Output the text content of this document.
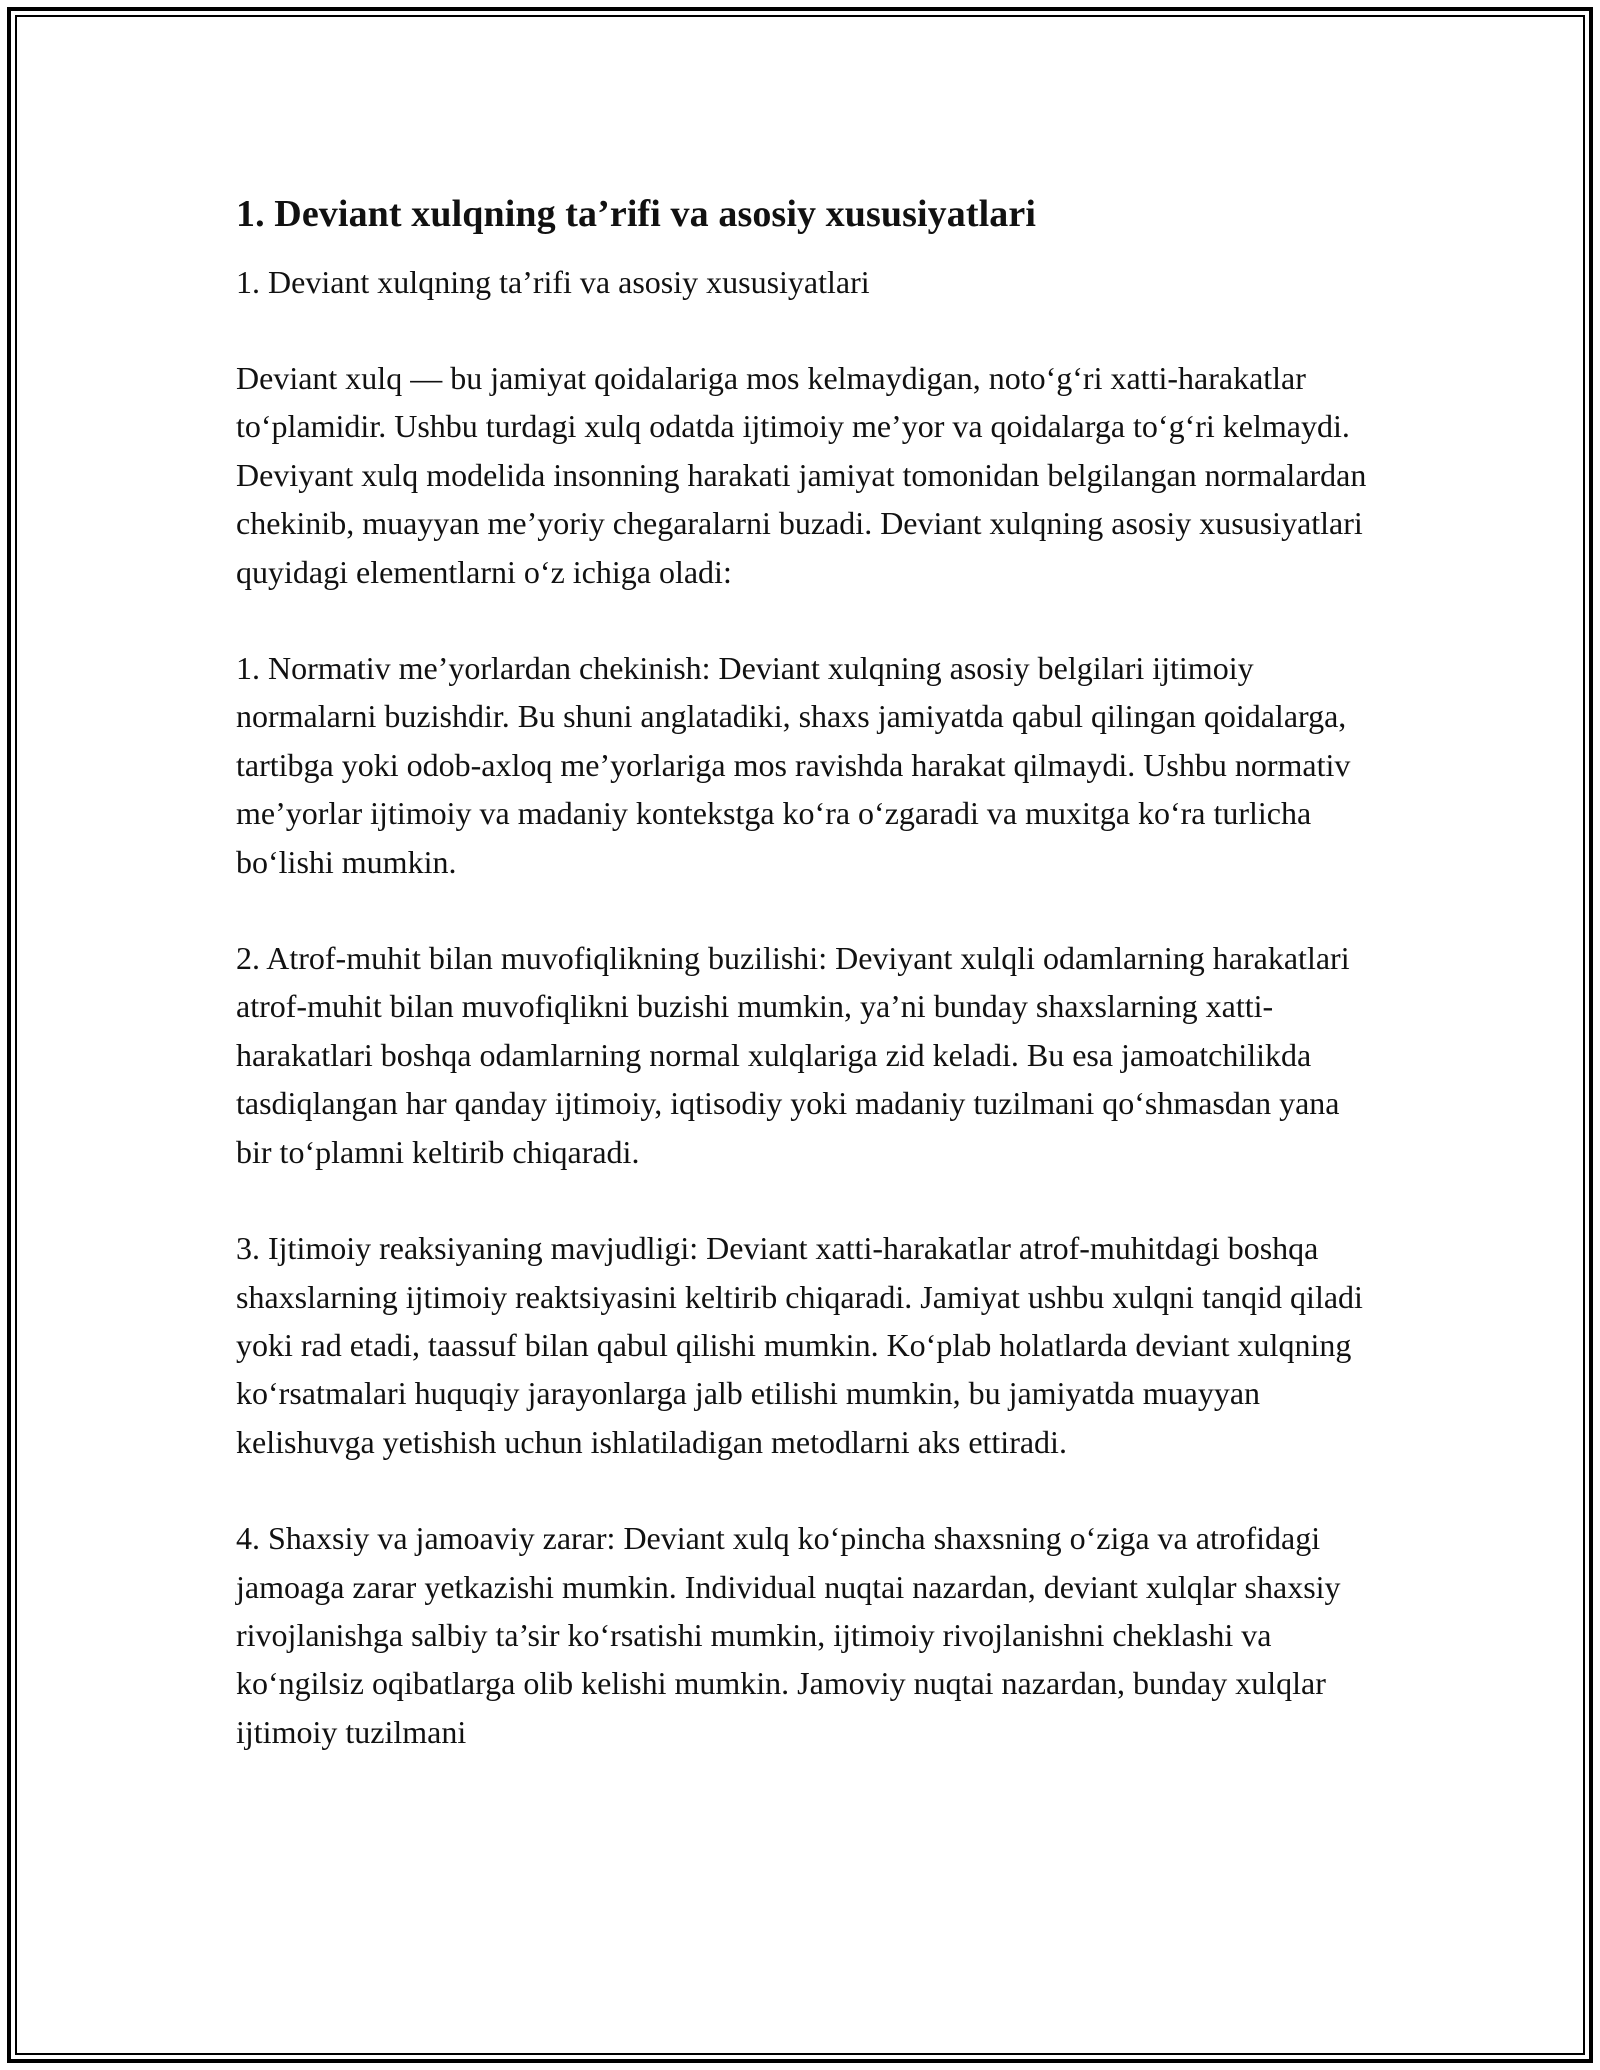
1. Deviant xulqning ta’rifi va asosiy xususiyatlari

1. Deviant xulqning ta’rifi va asosiy xususiyatlari

Deviant xulq — bu jamiyat qoidalariga mos kelmaydigan, noto‘g‘ri xatti-harakatlar to‘plamidir. Ushbu turdagi xulq odatda ijtimoiy me’yor va qoidalarga to‘g‘ri kelmaydi. Deviyant xulq modelida insonning harakati jamiyat tomonidan belgilangan normalardan chekinib, muayyan me’yoriy chegaralarni buzadi. Deviant xulqning asosiy xususiyatlari quyidagi elementlarni o‘z ichiga oladi:

1. Normativ me’yorlardan chekinish: Deviant xulqning asosiy belgilari ijtimoiy normalarni buzishdir. Bu shuni anglatadiki, shaxs jamiyatda qabul qilingan qoidalarga, tartibga yoki odob-axloq me’yorlariga mos ravishda harakat qilmaydi. Ushbu normativ me’yorlar ijtimoiy va madaniy kontekstga ko‘ra o‘zgaradi va muxitga ko‘ra turlicha bo‘lishi mumkin.

2. Atrof-muhit bilan muvofiqlikning buzilishi: Deviyant xulqli odamlarning harakatlari atrof-muhit bilan muvofiqlikni buzishi mumkin, ya’ni bunday shaxslarning xatti-harakatlari boshqa odamlarning normal xulqlariga zid keladi. Bu esa jamoatchilikda tasdiqlangan har qanday ijtimoiy, iqtisodiy yoki madaniy tuzilmani qo‘shmasdan yana bir to‘plamni keltirib chiqaradi.

3. Ijtimoiy reaksiyaning mavjudligi: Deviant xatti-harakatlar atrof-muhitdagi boshqa shaxslarning ijtimoiy reaktsiyasini keltirib chiqaradi. Jamiyat ushbu xulqni tanqid qiladi yoki rad etadi, taassuf bilan qabul qilishi mumkin. Ko‘plab holatlarda deviant xulqning ko‘rsatmalari huquqiy jarayonlarga jalb etilishi mumkin, bu jamiyatda muayyan kelishuvga yetishish uchun ishlatiladigan metodlarni aks ettiradi.

4. Shaxsiy va jamoaviy zarar: Deviant xulq ko‘pincha shaxsning o‘ziga va atrofidagi jamoaga zarar yetkazishi mumkin. Individual nuqtai nazardan, deviant xulqlar shaxsiy rivojlanishga salbiy ta’sir ko‘rsatishi mumkin, ijtimoiy rivojlanishni cheklashi va ko‘ngilsiz oqibatlarga olib kelishi mumkin. Jamoviy nuqtai nazardan, bunday xulqlar ijtimoiy tuzilmani
